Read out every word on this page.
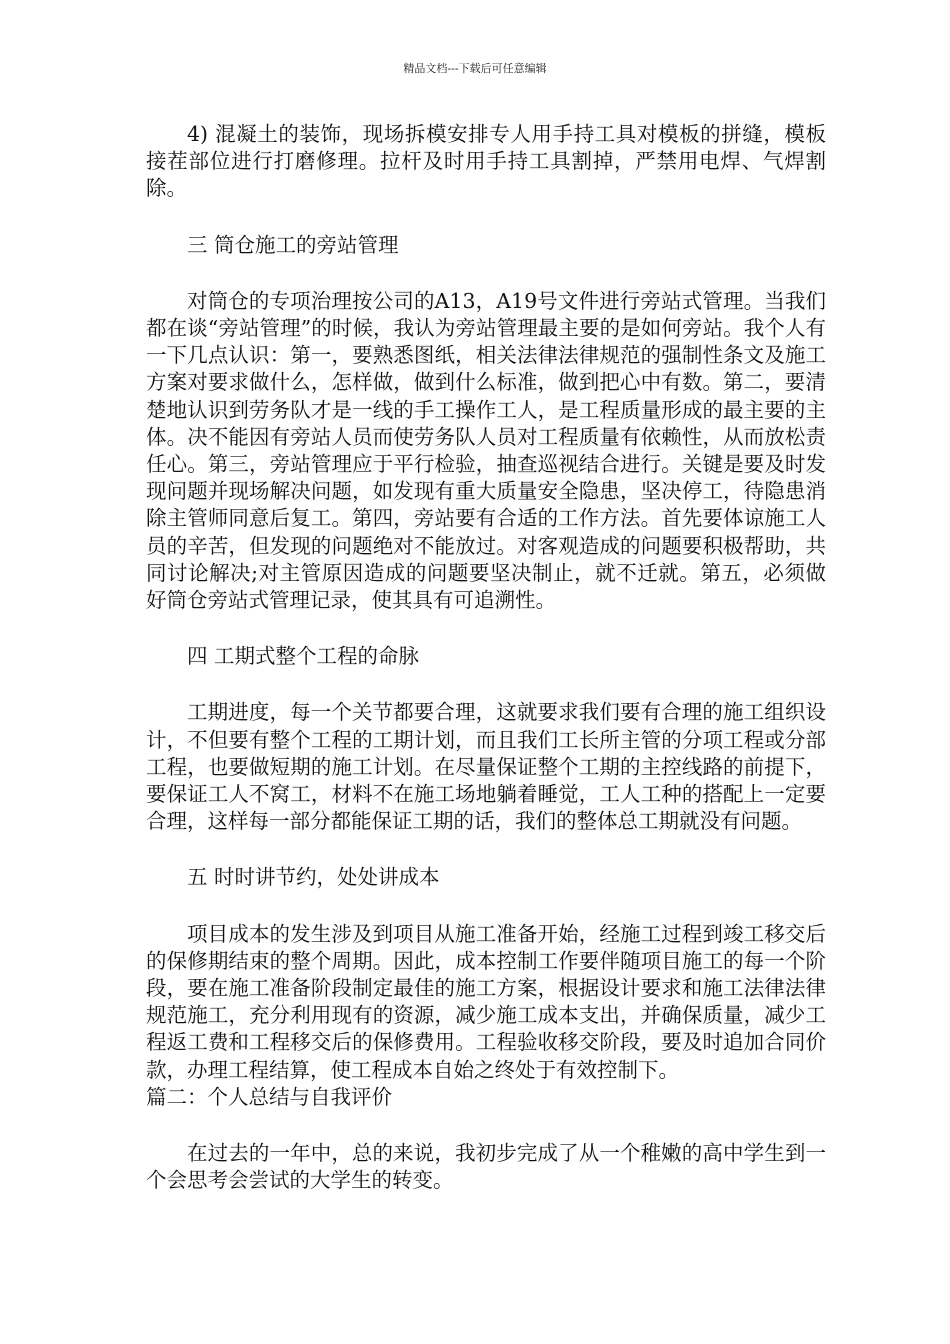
精品文档---下载后可任意编辑

4) 混凝土的装饰，现场拆模安排专人用手持工具对模板的拼缝，模板接茬部位进行打磨修理。拉杆及时用手持工具割掉，严禁用电焊、气焊割除。

三 筒仓施工的旁站管理

对筒仓的专项治理按公司的A13，A19号文件进行旁站式管理。当我们都在谈“旁站管理”的时候，我认为旁站管理最主要的是如何旁站。我个人有一下几点认识：第一，要熟悉图纸，相关法律法律规范的强制性条文及施工方案对要求做什么，怎样做，做到什么标准，做到把心中有数。第二，要清楚地认识到劳务队才是一线的手工操作工人，是工程质量形成的最主要的主体。决不能因有旁站人员而使劳务队人员对工程质量有依赖性，从而放松责任心。第三，旁站管理应于平行检验，抽查巡视结合进行。关键是要及时发现问题并现场解决问题，如发现有重大质量安全隐患，坚决停工，待隐患消除主管师同意后复工。第四，旁站要有合适的工作方法。首先要体谅施工人员的辛苦，但发现的问题绝对不能放过。对客观造成的问题要积极帮助，共同讨论解决;对主管原因造成的问题要坚决制止，就不迁就。第五，必须做好筒仓旁站式管理记录，使其具有可追溯性。

四 工期式整个工程的命脉

工期进度，每一个关节都要合理，这就要求我们要有合理的施工组织设计，不但要有整个工程的工期计划，而且我们工长所主管的分项工程或分部工程，也要做短期的施工计划。在尽量保证整个工期的主控线路的前提下，要保证工人不窝工，材料不在施工场地躺着睡觉，工人工种的搭配上一定要合理，这样每一部分都能保证工期的话，我们的整体总工期就没有问题。

五 时时讲节约，处处讲成本

项目成本的发生涉及到项目从施工准备开始，经施工过程到竣工移交后的保修期结束的整个周期。因此，成本控制工作要伴随项目施工的每一个阶段，要在施工准备阶段制定最佳的施工方案，根据设计要求和施工法律法律规范施工，充分利用现有的资源，减少施工成本支出，并确保质量，减少工程返工费和工程移交后的保修费用。工程验收移交阶段，要及时追加合同价款，办理工程结算，使工程成本自始之终处于有效控制下。

篇二：个人总结与自我评价

在过去的一年中，总的来说，我初步完成了从一个稚嫩的高中学生到一个会思考会尝试的大学生的转变。
